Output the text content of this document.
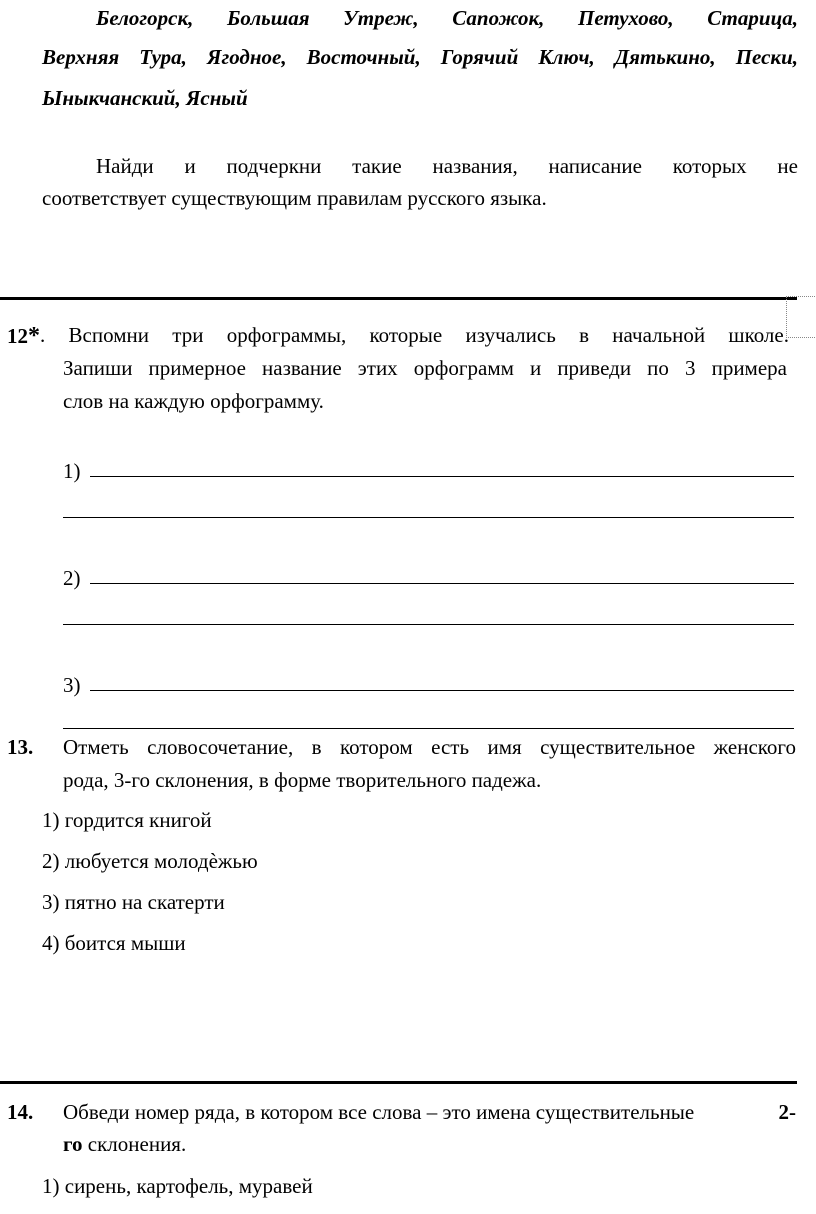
Белогорск, Большая Утреж, Сапожок, Петухово, Старица,
Верхняя Тура, Ягодное, Восточный, Горячий Ключ, Дятькино, Пески,
Ыныкчанский, Ясный
Найди и подчеркни такие названия, написание которых не
соответствует существующим правилам русского языка.
12* . Вспомни три орфограммы, которые изучались в начальной школе.
Запиши примерное название этих орфограмм и приведи по 3 примера
слов на каждую орфограмму.
1)
2)
3)
13. Отметь словосочетание, в котором есть имя существительное женского
рода, 3-го склонения, в форме творительного падежа.
1) гордится книгой
2) любуется молодѐжью
3) пятно на скатерти
4) боится мыши
14. Обведи номер ряда, в котором все слова – это имена существительные	2-
го склонения.
1) сирень, картофель, муравей
